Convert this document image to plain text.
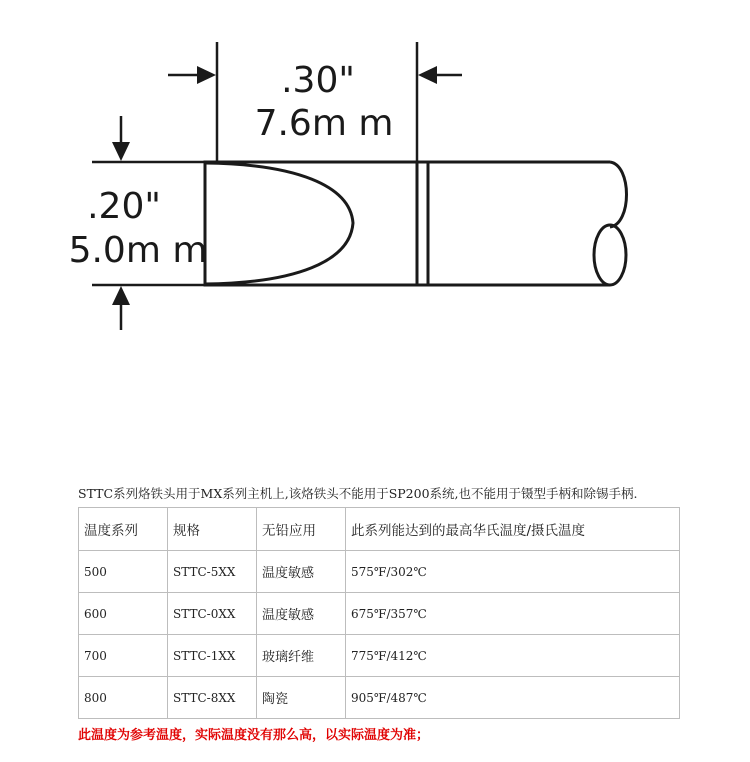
.30"
7.6m m
.20"
5.0m m
STTC系列烙铁头用于MX系列主机上,该烙铁头不能用于SP200系统,也不能用于镊型手柄和除锡手柄.
温度系列	规格	无铅应用	此系列能达到的最高华氏温度/摄氏温度
500	STTC-5XX	温度敏感	575℉/302℃
600	STTC-0XX	温度敏感	675℉/357℃
700	STTC-1XX	玻璃纤维	775℉/412℃
800	STTC-8XX	陶瓷	905℉/487℃
此温度为参考温度，实际温度没有那么高，以实际温度为准；
